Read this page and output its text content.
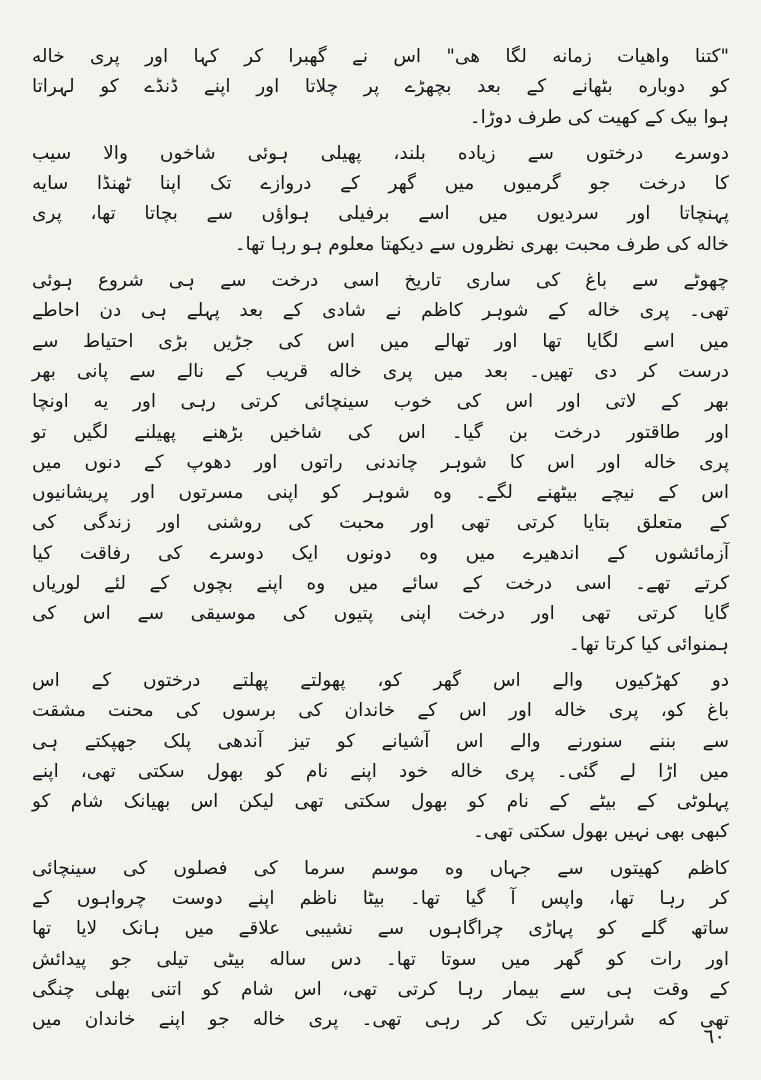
"کتنا واهیات زمانه لگا هی" اس نے گھبرا کر کہا اور پری خاله
کو دوباره بٹھانے کے بعد بچھڑے پر چلاتا اور اپنے ڈنڈے کو لہراتا
ہوا بیک کے کھیت کی طرف دوڑا۔
دوسرے درختوں سے زیاده بلند، پھیلی ہوئی شاخوں والا سیب
کا درخت جو گرمیوں میں گھر کے دروازے تک اپنا ٹھنڈا سایه
پہنچاتا اور سردیوں میں اسے برفیلی ہواؤں سے بچاتا تھا، پری
خاله کی طرف محبت بھری نظروں سے دیکھتا معلوم ہو رہا تھا۔
چھوٹے سے باغ کی ساری تاریخ اسی درخت سے ہی شروع ہوئی
تھی۔ پری خاله کے شوہر کاظم نے شادی کے بعد پہلے ہی دن احاطے
میں اسے لگایا تھا اور تھالے میں اس کی جڑیں بڑی احتیاط سے
درست کر دی تھیں۔ بعد میں پری خاله قریب کے نالے سے پانی بھر
بھر کے لاتی اور اس کی خوب سینچائی کرتی رہی اور یه اونچا
اور طاقتور درخت بن گیا۔ اس کی شاخیں بڑھنے پھیلنے لگیں تو
پری خاله اور اس کا شوہر چاندنی راتوں اور دھوپ کے دنوں میں
اس کے نیچے بیٹھنے لگے۔ وه شوہر کو اپنی مسرتوں اور پریشانیوں
کے متعلق بتایا کرتی تھی اور محبت کی روشنی اور زندگی کی
آزمائشوں کے اندھیرے میں وه دونوں ایک دوسرے کی رفاقت کیا
کرتے تھے۔ اسی درخت کے سائے میں وه اپنے بچوں کے لئے لوریاں
گایا کرتی تھی اور درخت اپنی پتیوں کی موسیقی سے اس کی
ہمنوائی کیا کرتا تھا۔
دو کھڑکیوں والے اس گھر کو، پھولتے پھلتے درختوں کے اس
باغ کو، پری خاله اور اس کے خاندان کی برسوں کی محنت مشقت
سے بننے سنورنے والے اس آشیانے کو تیز آندھی پلک جھپکتے ہی
میں اڑا لے گئی۔ پری خاله خود اپنے نام کو بھول سکتی تھی، اپنے
پہلوٹی کے بیٹے کے نام کو بھول سکتی تھی لیکن اس بھیانک شام کو
کبھی بھی نہیں بھول سکتی تھی۔
کاظم کھیتوں سے جہاں وه موسم سرما کی فصلوں کی سینچائی
کر رہا تھا، واپس آ گیا تھا۔ بیٹا ناظم اپنے دوست چرواہوں کے
ساتھ گلے کو پہاڑی چراگاہوں سے نشیبی علاقے میں ہانک لایا تھا
اور رات کو گھر میں سوتا تھا۔ دس ساله بیٹی تیلی جو پیدائش
کے وقت ہی سے بیمار رہا کرتی تھی، اس شام کو اتنی بھلی چنگی
تھی که شرارتیں تک کر رہی تھی۔ پری خاله جو اپنے خاندان میں
٦٠
